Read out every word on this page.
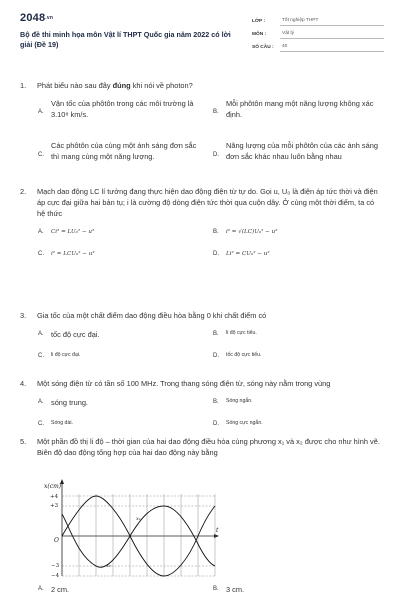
2048.vn
Bộ đề thi minh họa môn Vật lí THPT Quốc gia năm 2022 có lời giải (Đề 19)
LỚP :	Tốt nghiệp THPT
MÔN :	Vật lý
SỐ CÂU :	40
1.	Phát biểu nào sau đây đúng khi nói về photon?
A.
Vận tốc của phôtôn trong các môi trường là 3.10⁸ km/s.	B.
Mỗi phôtôn mang một năng lượng không xác định.
C.
Các phôtôn của cùng một ánh sáng đơn sắc thì mang cùng một năng lượng.	D.
Năng lượng của mỗi phôtôn của các ánh sáng đơn sắc khác nhau luôn bằng nhau
2.	Mạch dao động LC lí tưởng đang thực hiện dao động điện từ tự do. Gọi u, U₀ là điện áp tức thời và điện áp cực đại giữa hai bản tụ; i là cường độ dòng điện tức thời qua cuộn dây. Ở cùng một thời điểm, ta có hệ thức
A. Ci² = LU₀² − u²	B. i² = √(LC)U₀² − u²
C. i² = LCU₀² − u²	D. Li² = CU₀² − u²
3.	Gia tốc của một chất điểm dao động điều hòa bằng 0 khi chất điểm có
A. tốc độ cực đại.	B. li độ cực tiểu.
C. li độ cực đại.	D. tốc độ cực tiểu.
4.	Một sóng điện từ có tần số 100 MHz. Trong thang sóng điện từ, sóng này nằm trong vùng
A. sóng trung.	B. Sóng ngắn.
C. Sóng dài.	D. Sóng cực ngắn.
5.	Một phần đồ thị li độ – thời gian của hai dao động điều hòa cùng phương x₁ và x₂ được cho như hình vẽ. Biên độ dao động tổng hợp của hai dao động này bằng
x(cm)
t
O
+4
+3
−3
−4
x₁
x₂
A. 2 cm.	B. 3 cm.
